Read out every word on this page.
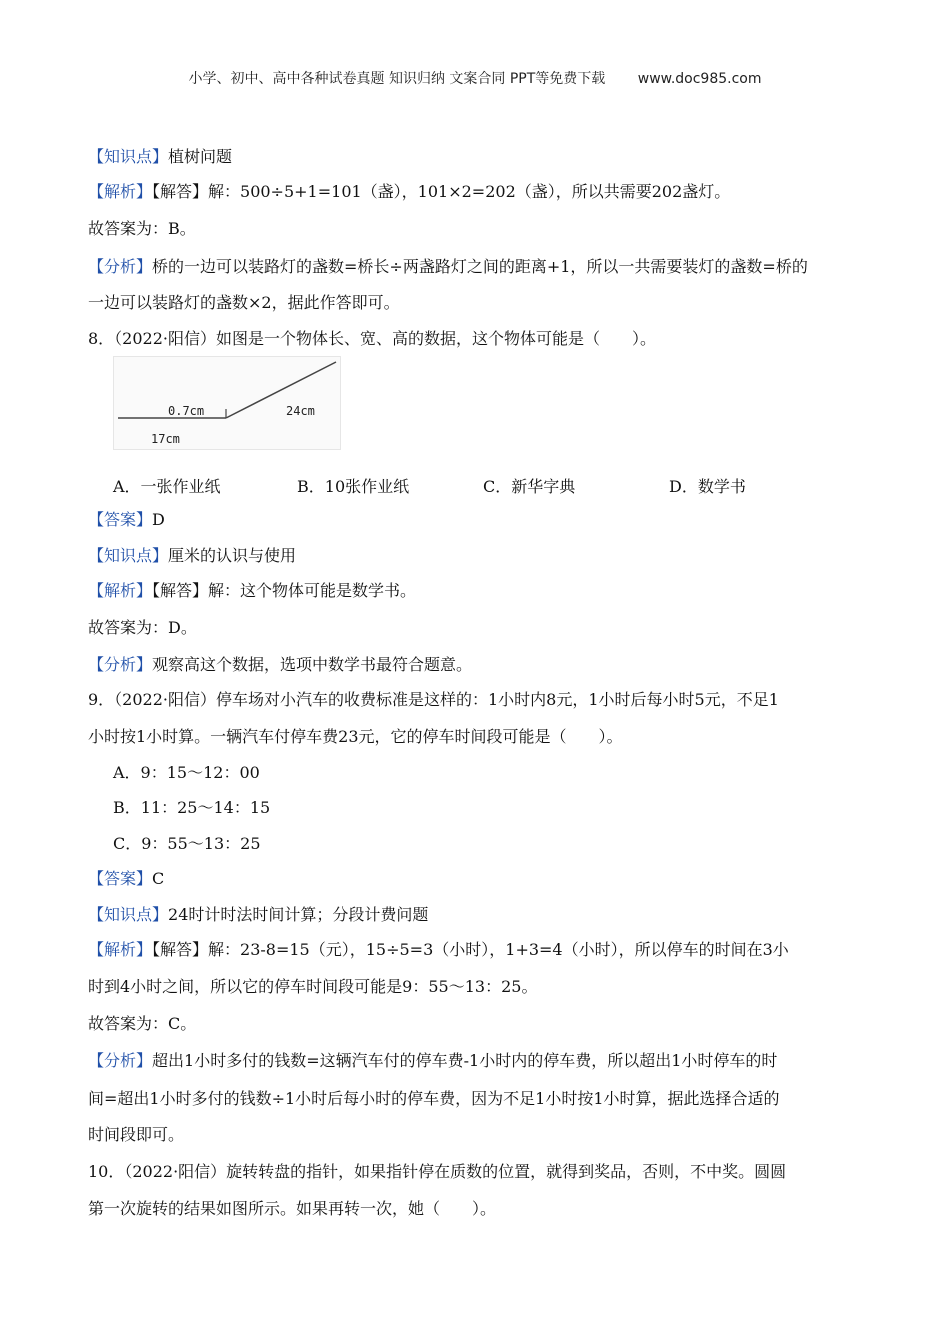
小学、初中、高中各种试卷真题 知识归纳 文案合同 PPT等免费下载 www.doc985.com
【知识点】植树问题
【解析】【解答】解：500÷5+1=101（盏），101×2=202（盏），所以共需要202盏灯。
故答案为：B。
【分析】桥的一边可以装路灯的盏数=桥长÷两盏路灯之间的距离+1，所以一共需要装灯的盏数=桥的
一边可以装路灯的盏数×2，据此作答即可。
8．（2022·阳信）如图是一个物体长、宽、高的数据，这个物体可能是（　　）。
0.7cm	24cm
17cm
A．一张作业纸	B．10张作业纸	C．新华字典	D．数学书
【答案】D
【知识点】厘米的认识与使用
【解析】【解答】解：这个物体可能是数学书。
故答案为：D。
【分析】观察高这个数据，选项中数学书最符合题意。
9．（2022·阳信）停车场对小汽车的收费标准是这样的：1小时内8元，1小时后每小时5元，不足1
小时按1小时算。一辆汽车付停车费23元，它的停车时间段可能是（　　）。
A．9：15～12：00
B．11：25～14：15
C．9：55～13：25
【答案】C
【知识点】24时计时法时间计算；分段计费问题
【解析】【解答】解：23-8=15（元），15÷5=3（小时），1+3=4（小时），所以停车的时间在3小
时到4小时之间，所以它的停车时间段可能是9：55～13：25。
故答案为：C。
【分析】超出1小时多付的钱数=这辆汽车付的停车费-1小时内的停车费，所以超出1小时停车的时
间=超出1小时多付的钱数÷1小时后每小时的停车费，因为不足1小时按1小时算，据此选择合适的
时间段即可。
10．（2022·阳信）旋转转盘的指针，如果指针停在质数的位置，就得到奖品，否则，不中奖。圆圆
第一次旋转的结果如图所示。如果再转一次，她（　　）。
